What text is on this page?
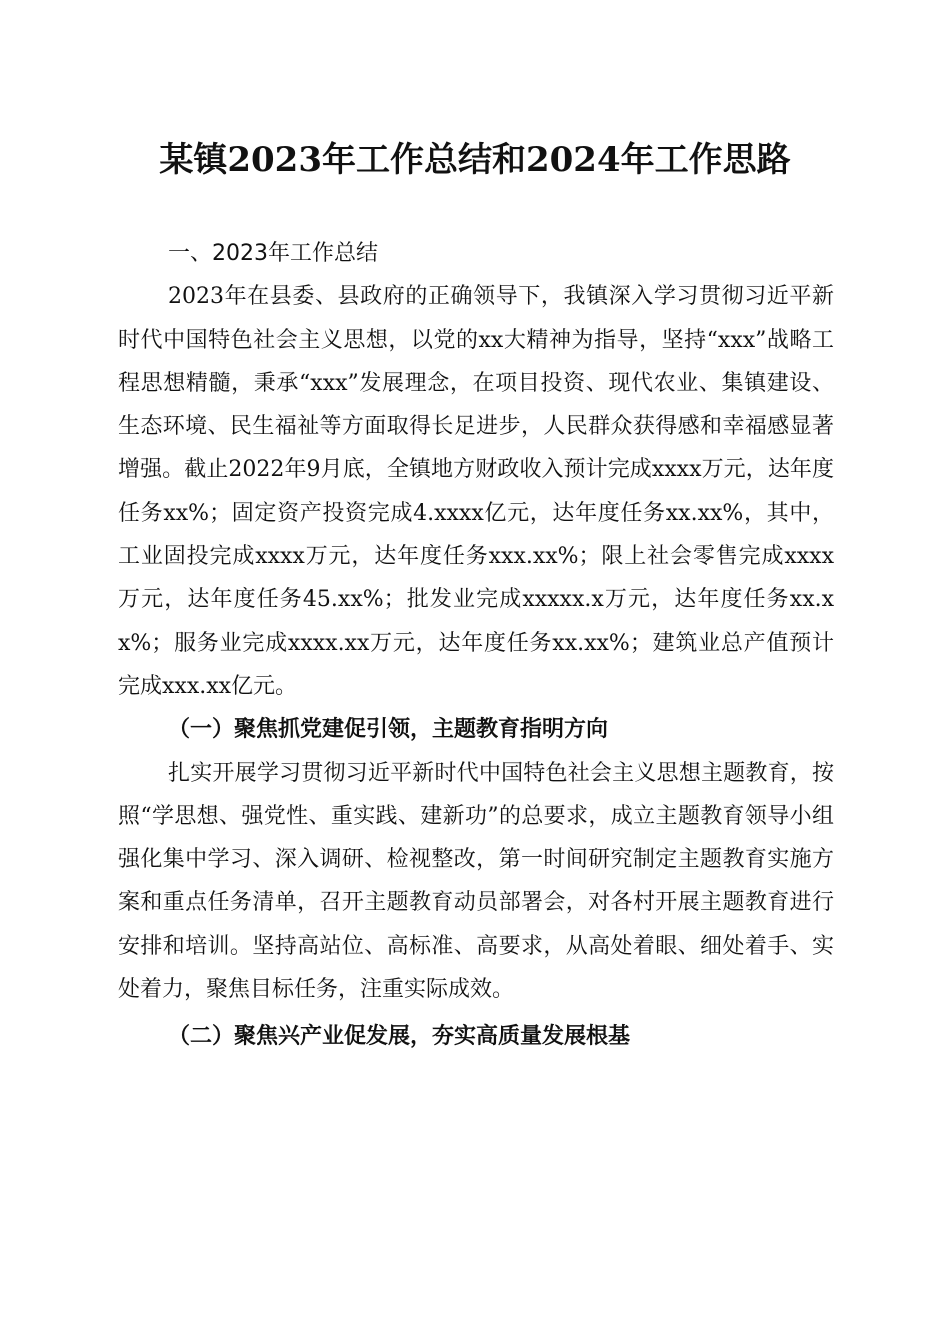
某镇2023年工作总结和2024年工作思路

一、2023年工作总结

2023年在县委、县政府的正确领导下，我镇深入学习贯彻习近平新时代中国特色社会主义思想，以党的xx大精神为指导，坚持“xxx”战略工程思想精髓，秉承“xxx”发展理念，在项目投资、现代农业、集镇建设、生态环境、民生福祉等方面取得长足进步，人民群众获得感和幸福感显著增强。截止2022年9月底，全镇地方财政收入预计完成xxxx万元，达年度任务xx%；固定资产投资完成4.xxxx亿元，达年度任务xx.xx%，其中，工业固投完成xxxx万元，达年度任务xxx.xx%；限上社会零售完成xxxx万元，达年度任务45.xx%；批发业完成xxxxx.x万元，达年度任务xx.xx%；服务业完成xxxx.xx万元，达年度任务xx.xx%；建筑业总产值预计完成xxx.xx亿元。

（一）聚焦抓党建促引领，主题教育指明方向

扎实开展学习贯彻习近平新时代中国特色社会主义思想主题教育，按照“学思想、强党性、重实践、建新功”的总要求，成立主题教育领导小组强化集中学习、深入调研、检视整改，第一时间研究制定主题教育实施方案和重点任务清单，召开主题教育动员部署会，对各村开展主题教育进行安排和培训。坚持高站位、高标准、高要求，从高处着眼、细处着手、实处着力，聚焦目标任务，注重实际成效。

（二）聚焦兴产业促发展，夯实高质量发展根基
